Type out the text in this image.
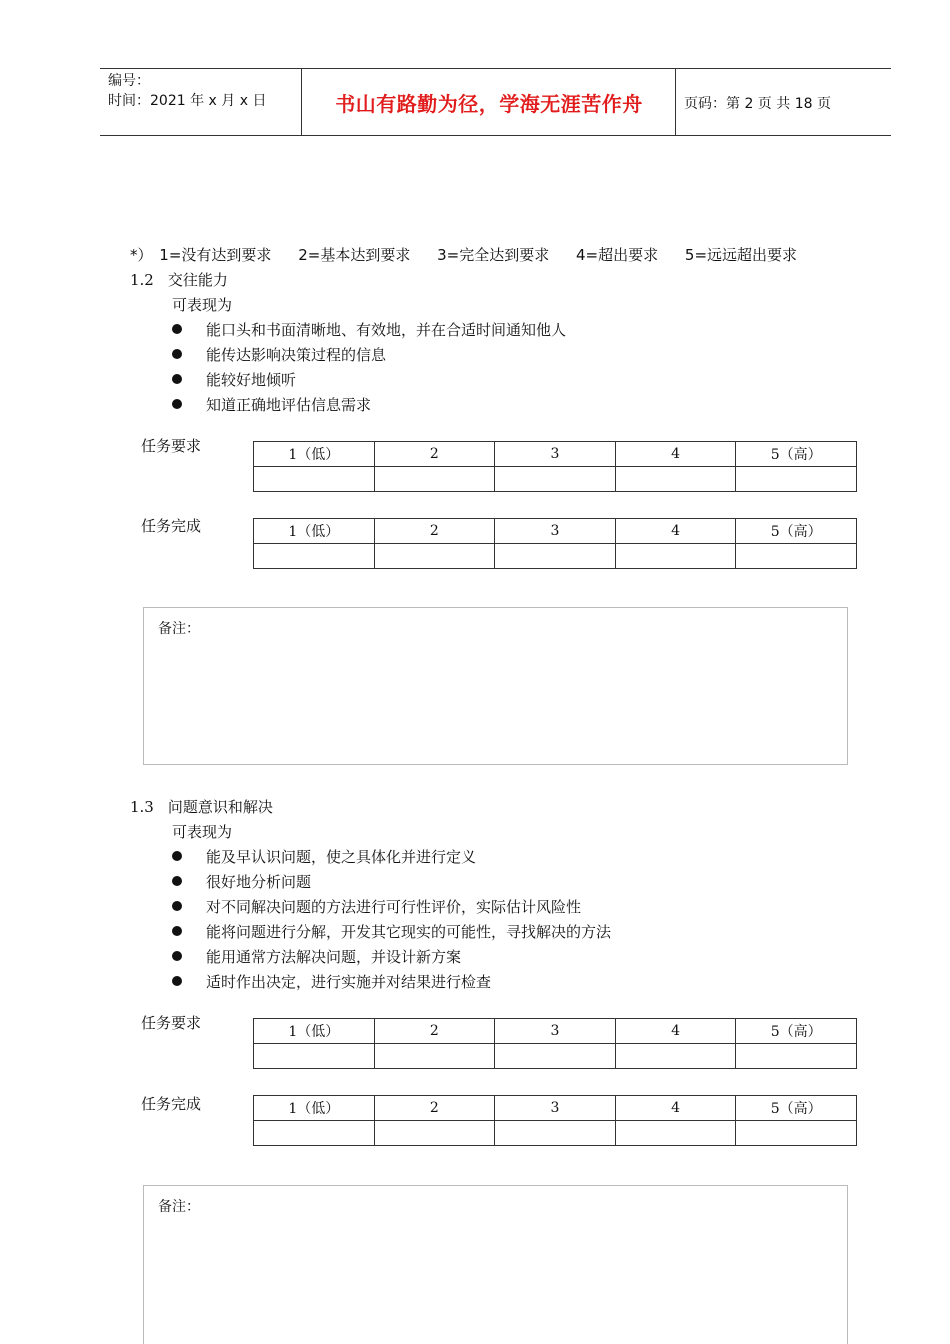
编号：
时间：2021 年 x 月 x 日	书山有路勤为径，学海无涯苦作舟	页码：第 2 页 共 18 页
*） 1=没有达到要求 2=基本达到要求 3=完全达到要求 4=超出要求 5=远远超出要求
1.2 交往能力
可表现为
能口头和书面清晰地、有效地，并在合适时间通知他人
能传达影响决策过程的信息
能较好地倾听
知道正确地评估信息需求
任务要求	1（低）	2	3	4	5（高）

任务完成	1（低）	2	3	4	5（高）

备注：
1.3 问题意识和解决
可表现为
能及早认识问题，使之具体化并进行定义
很好地分析问题
对不同解决问题的方法进行可行性评价，实际估计风险性
能将问题进行分解，开发其它现实的可能性，寻找解决的方法
能用通常方法解决问题，并设计新方案
适时作出决定，进行实施并对结果进行检查
任务要求	1（低）	2	3	4	5（高）

任务完成	1（低）	2	3	4	5（高）

备注：
